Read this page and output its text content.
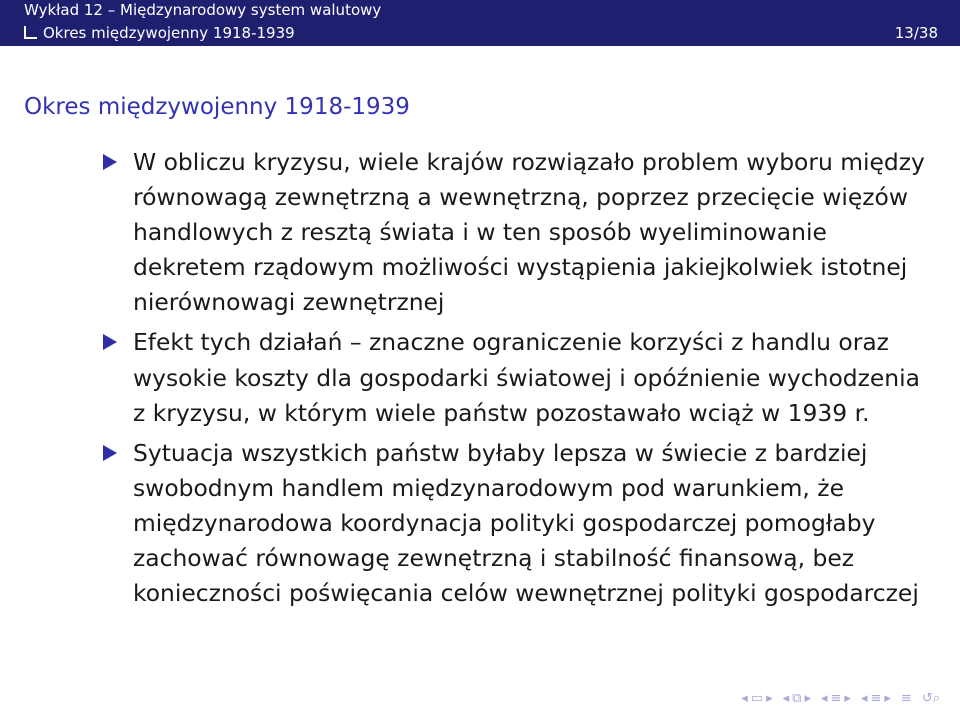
Wykład 12 – Międzynarodowy system walutowy
Okres międzywojenny 1918-1939	13/38
Okres międzywojenny 1918-1939
W obliczu kryzysu, wiele krajów rozwiązało problem wyboru między równowagą zewnętrzną a wewnętrzną, poprzez przecięcie więzów handlowych z resztą świata i w ten sposób wyeliminowanie dekretem rządowym możliwości wystąpienia jakiejkolwiek istotnej nierównowagi zewnętrznej
Efekt tych działań – znaczne ograniczenie korzyści z handlu oraz wysokie koszty dla gospodarki światowej i opóźnienie wychodzenia z kryzysu, w którym wiele państw pozostawało wciąż w 1939 r.
Sytuacja wszystkich państw byłaby lepsza w świecie z bardziej swobodnym handlem międzynarodowym pod warunkiem, że międzynarodowa koordynacja polityki gospodarczej pomogłaby zachować równowagę zewnętrzną i stabilność finansową, bez konieczności poświęcania celów wewnętrznej polityki gospodarczej
◂ ▭ ▸ ◂ ⧉ ▸ ◂ ≡ ▸ ◂ ≡ ▸ ≡ ↺⌕
